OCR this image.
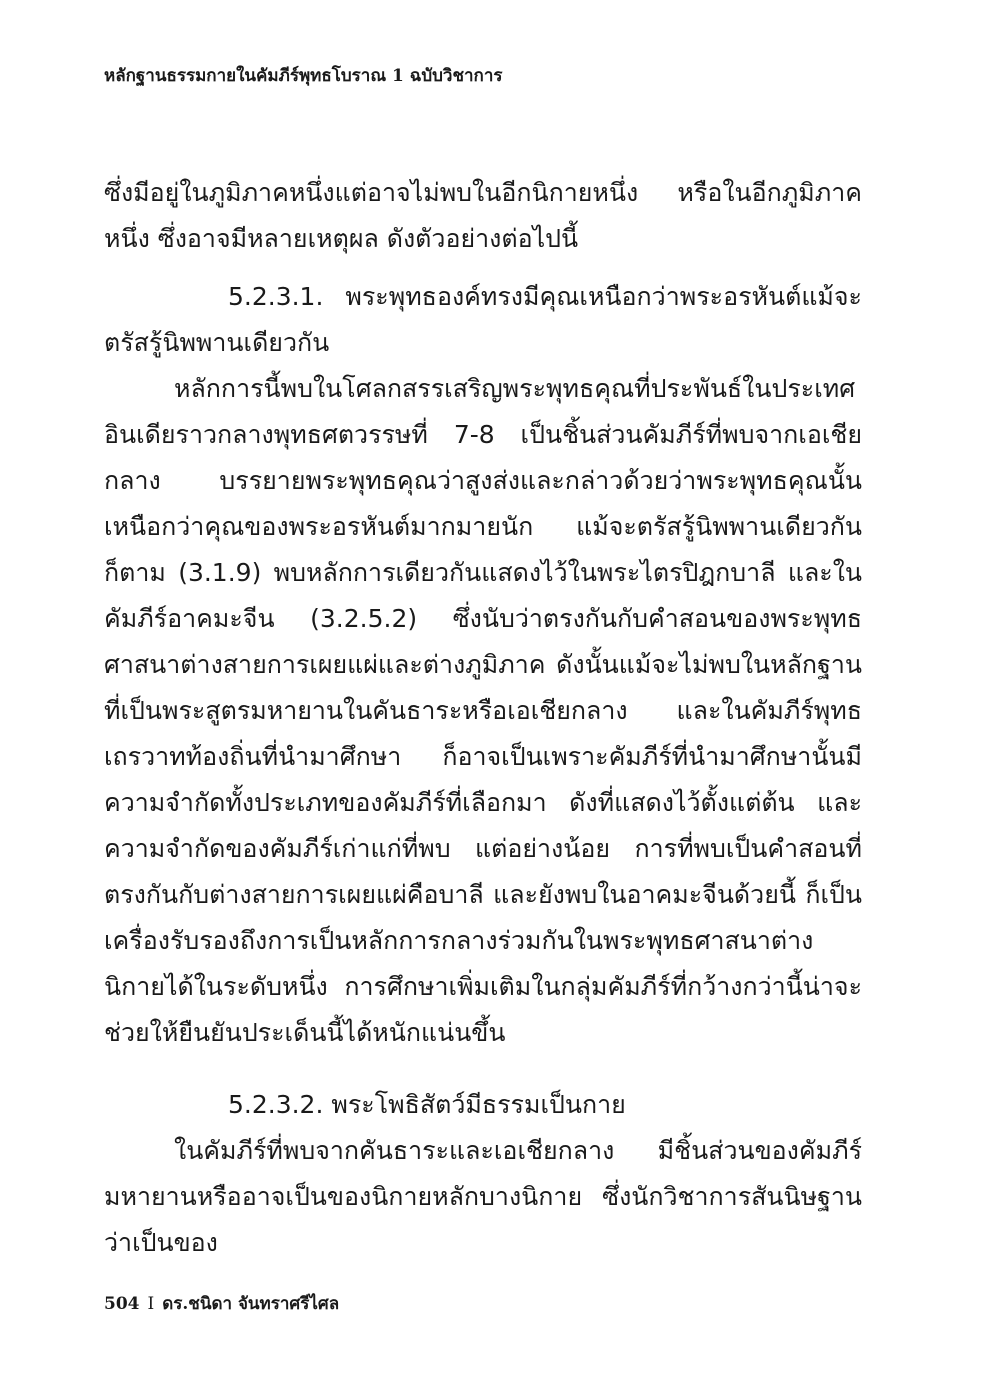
หลักฐานธรรมกายในคัมภีร์พุทธโบราณ 1 ฉบับวิชาการ

ซึ่งมีอยู่ในภูมิภาคหนึ่งแต่อาจไม่พบในอีกนิกายหนึ่ง หรือในอีกภูมิภาคหนึ่ง ซึ่งอาจมีหลายเหตุผล ดังตัวอย่างต่อไปนี้

5.2.3.1. พระพุทธองค์ทรงมีคุณเหนือกว่าพระอรหันต์แม้จะตรัสรู้นิพพานเดียวกัน

หลักการนี้พบในโศลกสรรเสริญพระพุทธคุณที่ประพันธ์ในประเทศอินเดียราวกลางพุทธศตวรรษที่ 7-8 เป็นชิ้นส่วนคัมภีร์ที่พบจากเอเชียกลาง บรรยายพระพุทธคุณว่าสูงส่งและกล่าวด้วยว่าพระพุทธคุณนั้นเหนือกว่าคุณของพระอรหันต์มากมายนัก แม้จะตรัสรู้นิพพานเดียวกันก็ตาม (3.1.9) พบหลักการเดียวกันแสดงไว้ในพระไตรปิฎกบาลี และในคัมภีร์อาคมะจีน (3.2.5.2) ซึ่งนับว่าตรงกันกับคำสอนของพระพุทธศาสนาต่างสายการเผยแผ่และต่างภูมิภาค ดังนั้นแม้จะไม่พบในหลักฐานที่เป็นพระสูตรมหายานในคันธาระหรือเอเชียกลาง และในคัมภีร์พุทธเถรวาทท้องถิ่นที่นำมาศึกษา ก็อาจเป็นเพราะคัมภีร์ที่นำมาศึกษานั้นมีความจำกัดทั้งประเภทของคัมภีร์ที่เลือกมา ดังที่แสดงไว้ตั้งแต่ต้น และความจำกัดของคัมภีร์เก่าแก่ที่พบ แต่อย่างน้อย การที่พบเป็นคำสอนที่ตรงกันกับต่างสายการเผยแผ่คือบาลี และยังพบในอาคมะจีนด้วยนี้ ก็เป็นเครื่องรับรองถึงการเป็นหลักการกลางร่วมกันในพระพุทธศาสนาต่างนิกายได้ในระดับหนึ่ง การศึกษาเพิ่มเติมในกลุ่มคัมภีร์ที่กว้างกว่านี้น่าจะช่วยให้ยืนยันประเด็นนี้ได้หนักแน่นขึ้น

5.2.3.2. พระโพธิสัตว์มีธรรมเป็นกาย

ในคัมภีร์ที่พบจากคันธาระและเอเชียกลาง มีชิ้นส่วนของคัมภีร์มหายานหรืออาจเป็นของนิกายหลักบางนิกาย ซึ่งนักวิชาการสันนิษฐานว่าเป็นของ

504 I ดร.ชนิดา จันทราศรีไศล
